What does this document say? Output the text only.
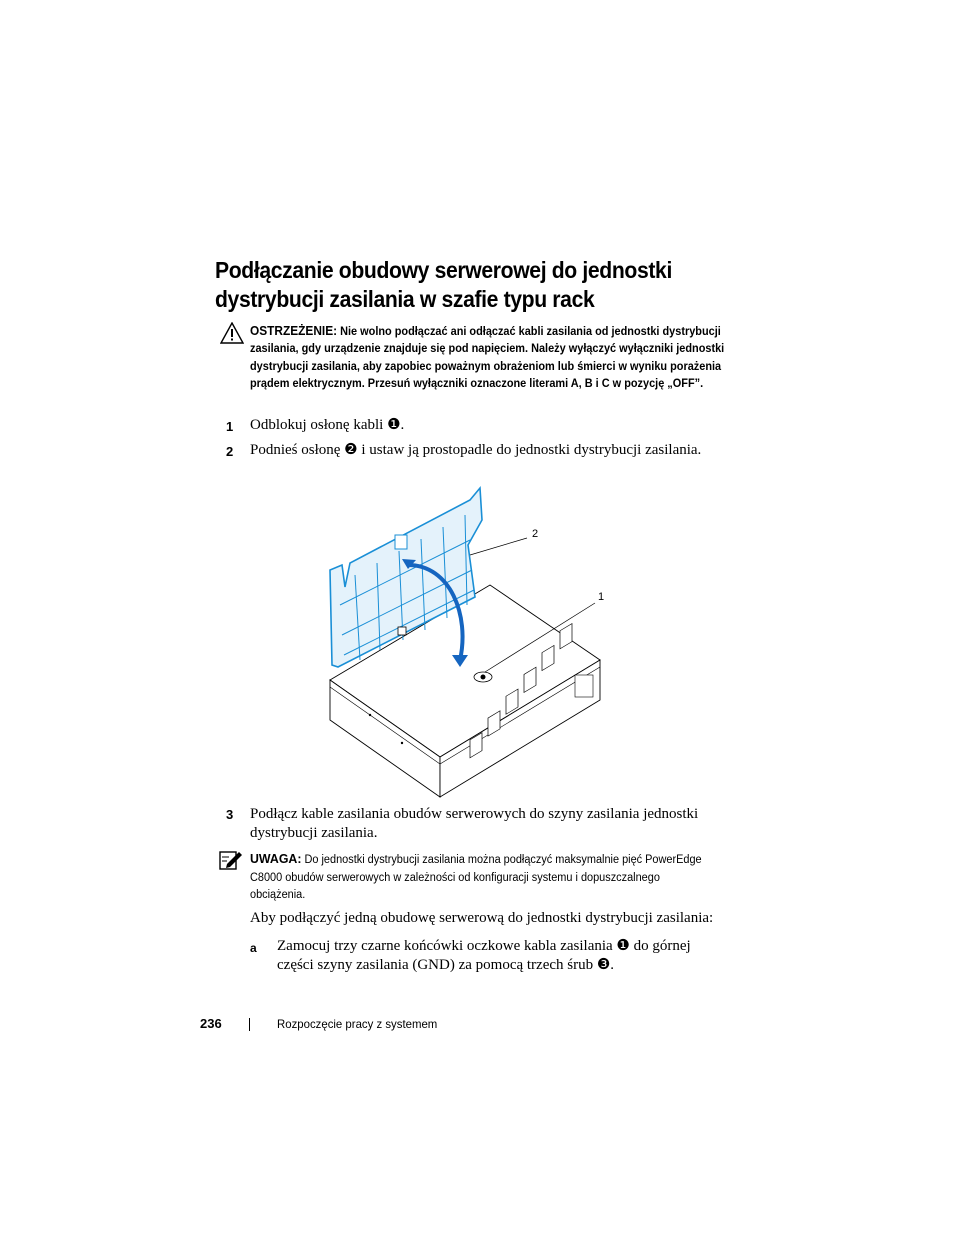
Podłączanie obudowy serwerowej do jednostki dystrybucji zasilania w szafie typu rack
OSTRZEŻENIE: Nie wolno podłączać ani odłączać kabli zasilania od jednostki dystrybucji zasilania, gdy urządzenie znajduje się pod napięciem. Należy wyłączyć wyłączniki jednostki dystrybucji zasilania, aby zapobiec poważnym obrażeniom lub śmierci w wyniku porażenia prądem elektrycznym. Przesuń wyłączniki oznaczone literami A, B i C w pozycję „OFF”.
1 Odblokuj osłonę kabli ❶.
2 Podnieś osłonę ❷ i ustaw ją prostopadle do jednostki dystrybucji zasilania.
2
1
3 Podłącz kable zasilania obudów serwerowych do szyny zasilania jednostki dystrybucji zasilania.
UWAGA: Do jednostki dystrybucji zasilania można podłączyć maksymalnie pięć PowerEdge C8000 obudów serwerowych w zależności od konfiguracji systemu i dopuszczalnego obciążenia.
Aby podłączyć jedną obudowę serwerową do jednostki dystrybucji zasilania:
a Zamocuj trzy czarne końcówki oczkowe kabla zasilania ❶ do górnej części szyny zasilania (GND) za pomocą trzech śrub ❸.
236	Rozpoczęcie pracy z systemem
